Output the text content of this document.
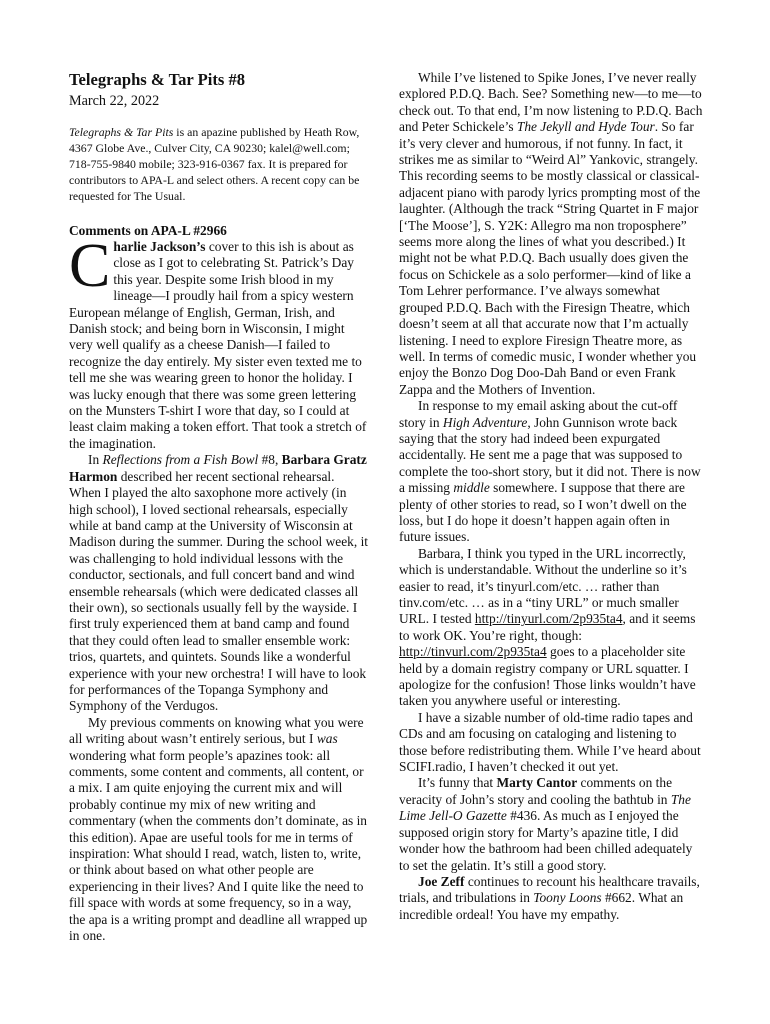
Telegraphs & Tar Pits #8
March 22, 2022

Telegraphs & Tar Pits is an apazine published by Heath Row, 4367 Globe Ave., Culver City, CA 90230; kalel@well.com; 718-755-9840 mobile; 323-916-0367 fax. It is prepared for contributors to APA-L and select others. A recent copy can be requested for The Usual.

Comments on APA-L #2966

Charlie Jackson’s cover to this ish is about as close as I got to celebrating St. Patrick’s Day this year. Despite some Irish blood in my lineage—I proudly hail from a spicy western European mélange of English, German, Irish, and Danish stock; and being born in Wisconsin, I might very well qualify as a cheese Danish—I failed to recognize the day entirely. My sister even texted me to tell me she was wearing green to honor the holiday. I was lucky enough that there was some green lettering on the Munsters T-shirt I wore that day, so I could at least claim making a token effort. That took a stretch of the imagination.

In Reflections from a Fish Bowl #8, Barbara Gratz Harmon described her recent sectional rehearsal. When I played the alto saxophone more actively (in high school), I loved sectional rehearsals, especially while at band camp at the University of Wisconsin at Madison during the summer. During the school week, it was challenging to hold individual lessons with the conductor, sectionals, and full concert band and wind ensemble rehearsals (which were dedicated classes all their own), so sectionals usually fell by the wayside. I first truly experienced them at band camp and found that they could often lead to smaller ensemble work: trios, quartets, and quintets. Sounds like a wonderful experience with your new orchestra! I will have to look for performances of the Topanga Symphony and Symphony of the Verdugos.

My previous comments on knowing what you were all writing about wasn’t entirely serious, but I was wondering what form people’s apazines took: all comments, some content and comments, all content, or a mix. I am quite enjoying the current mix and will probably continue my mix of new writing and commentary (when the comments don’t dominate, as in this edition). Apae are useful tools for me in terms of inspiration: What should I read, watch, listen to, write, or think about based on what other people are experiencing in their lives? And I quite like the need to fill space with words at some frequency, so in a way, the apa is a writing prompt and deadline all wrapped up in one.

While I’ve listened to Spike Jones, I’ve never really explored P.D.Q. Bach. See? Something new—to me—to check out. To that end, I’m now listening to P.D.Q. Bach and Peter Schickele’s The Jekyll and Hyde Tour. So far it’s very clever and humorous, if not funny. In fact, it strikes me as similar to “Weird Al” Yankovic, strangely. This recording seems to be mostly classical or classical-adjacent piano with parody lyrics prompting most of the laughter. (Although the track “String Quartet in F major [‘The Moose’], S. Y2K: Allegro ma non troposphere” seems more along the lines of what you described.) It might not be what P.D.Q. Bach usually does given the focus on Schickele as a solo performer—kind of like a Tom Lehrer performance. I’ve always somewhat grouped P.D.Q. Bach with the Firesign Theatre, which doesn’t seem at all that accurate now that I’m actually listening. I need to explore Firesign Theatre more, as well. In terms of comedic music, I wonder whether you enjoy the Bonzo Dog Doo-Dah Band or even Frank Zappa and the Mothers of Invention.

In response to my email asking about the cut-off story in High Adventure, John Gunnison wrote back saying that the story had indeed been expurgated accidentally. He sent me a page that was supposed to complete the too-short story, but it did not. There is now a missing middle somewhere. I suppose that there are plenty of other stories to read, so I won’t dwell on the loss, but I do hope it doesn’t happen again often in future issues.

Barbara, I think you typed in the URL incorrectly, which is understandable. Without the underline so it’s easier to read, it’s tinyurl.com/etc. … rather than tinv.com/etc. … as in a “tiny URL” or much smaller URL. I tested http://tinyurl.com/2p935ta4, and it seems to work OK. You’re right, though: http://tinvurl.com/2p935ta4 goes to a placeholder site held by a domain registry company or URL squatter. I apologize for the confusion! Those links wouldn’t have taken you anywhere useful or interesting.

I have a sizable number of old-time radio tapes and CDs and am focusing on cataloging and listening to those before redistributing them. While I’ve heard about SCIFI.radio, I haven’t checked it out yet.

It’s funny that Marty Cantor comments on the veracity of John’s story and cooling the bathtub in The Lime Jell-O Gazette #436. As much as I enjoyed the supposed origin story for Marty’s apazine title, I did wonder how the bathroom had been chilled adequately to set the gelatin. It’s still a good story.

Joe Zeff continues to recount his healthcare travails, trials, and tribulations in Toony Loons #662. What an incredible ordeal! You have my empathy.
